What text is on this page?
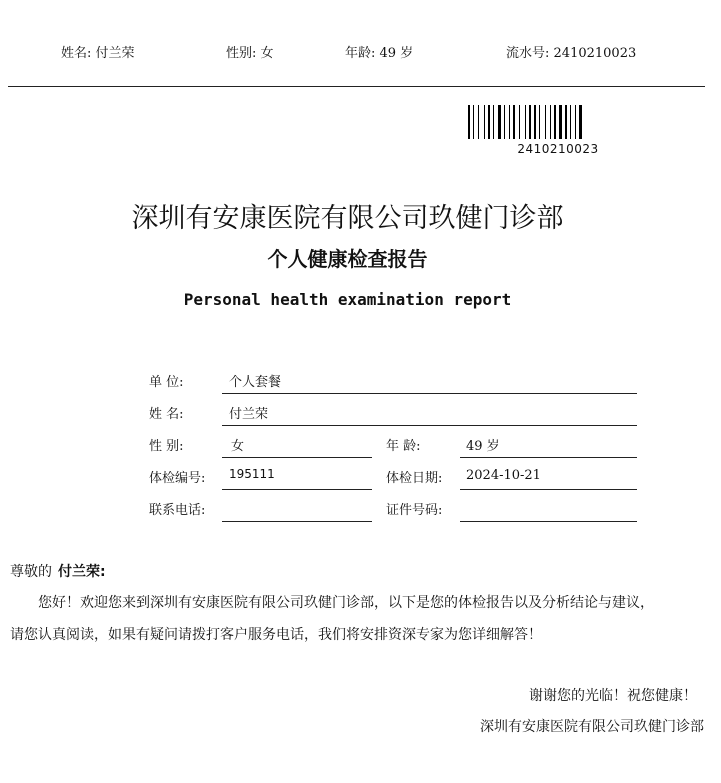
姓名: 付兰荣	性别: 女	年龄: 49 岁	流水号: 2410210023
2410210023
深圳有安康医院有限公司玖健门诊部
个人健康检查报告
Personal health examination report
单 位:	个人套餐
姓 名:	付兰荣
性 别:	女	年 龄:	49 岁
体检编号: 195111	体检日期: 2024-10-21
联系电话:	证件号码:
尊敬的 付兰荣:
您好！欢迎您来到深圳有安康医院有限公司玖健门诊部，以下是您的体检报告以及分析结论与建议，
请您认真阅读，如果有疑问请拨打客户服务电话，我们将安排资深专家为您详细解答！
谢谢您的光临！祝您健康！
深圳有安康医院有限公司玖健门诊部
